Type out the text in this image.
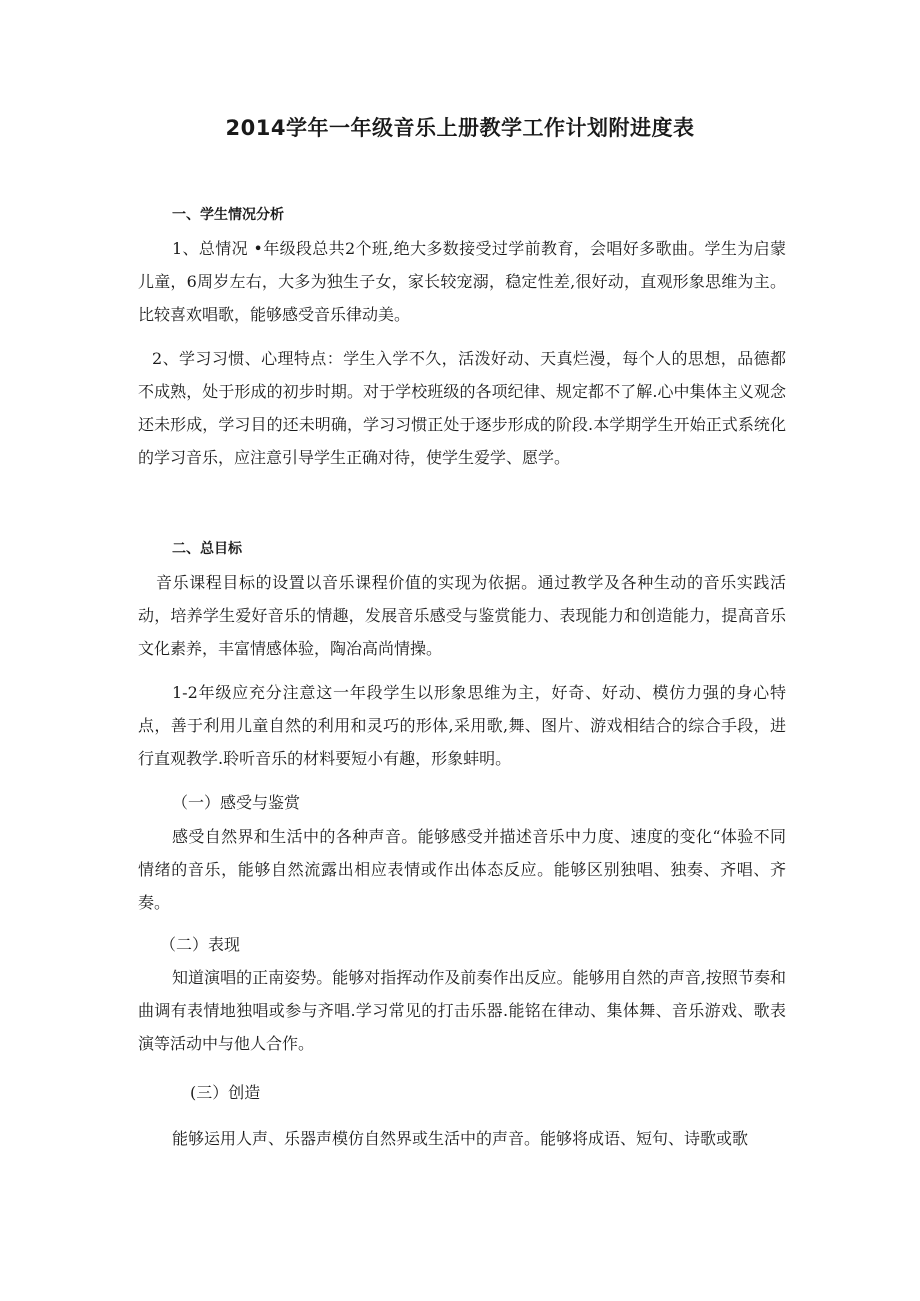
2014学年一年级音乐上册教学工作计划附进度表
一、学生情况分析

1、总情况 •年级段总共2个班,绝大多数接受过学前教育，会唱好多歌曲。学生为启蒙儿童，6周岁左右，大多为独生子女，家长较宠溺，稳定性差,很好动，直观形象思维为主。比较喜欢唱歌，能够感受音乐律动美。

2、学习习惯、心理特点：学生入学不久，活泼好动、天真烂漫，每个人的思想，品德都不成熟，处于形成的初步时期。对于学校班级的各项纪律、规定都不了解.心中集体主义观念还未形成，学习目的还未明确，学习习惯正处于逐步形成的阶段.本学期学生开始正式系统化的学习音乐，应注意引导学生正确对待，使学生爱学、愿学。

二、总目标

音乐课程目标的设置以音乐课程价值的实现为依据。通过教学及各种生动的音乐实践活动，培养学生爱好音乐的情趣，发展音乐感受与鉴赏能力、表现能力和创造能力，提高音乐文化素养，丰富情感体验，陶冶高尚情操。

1-2年级应充分注意这一年段学生以形象思维为主，好奇、好动、模仿力强的身心特点，善于利用儿童自然的利用和灵巧的形体,采用歌,舞、图片、游戏相结合的综合手段，进行直观教学.聆听音乐的材料要短小有趣，形象蚌明。

（一）感受与鉴赏

感受自然界和生活中的各种声音。能够感受并描述音乐中力度、速度的变化“体验不同情绪的音乐，能够自然流露出相应表情或作出体态反应。能够区别独唱、独奏、齐唱、齐奏。

（二）表现

知道演唱的正南姿势。能够对指挥动作及前奏作出反应。能够用自然的声音,按照节奏和曲调有表情地独唱或参与齐唱.学习常见的打击乐器.能铭在律动、集体舞、音乐游戏、歌表演等活动中与他人合作。

(三）创造

能够运用人声、乐器声模仿自然界或生活中的声音。能够将成语、短句、诗歌或歌
